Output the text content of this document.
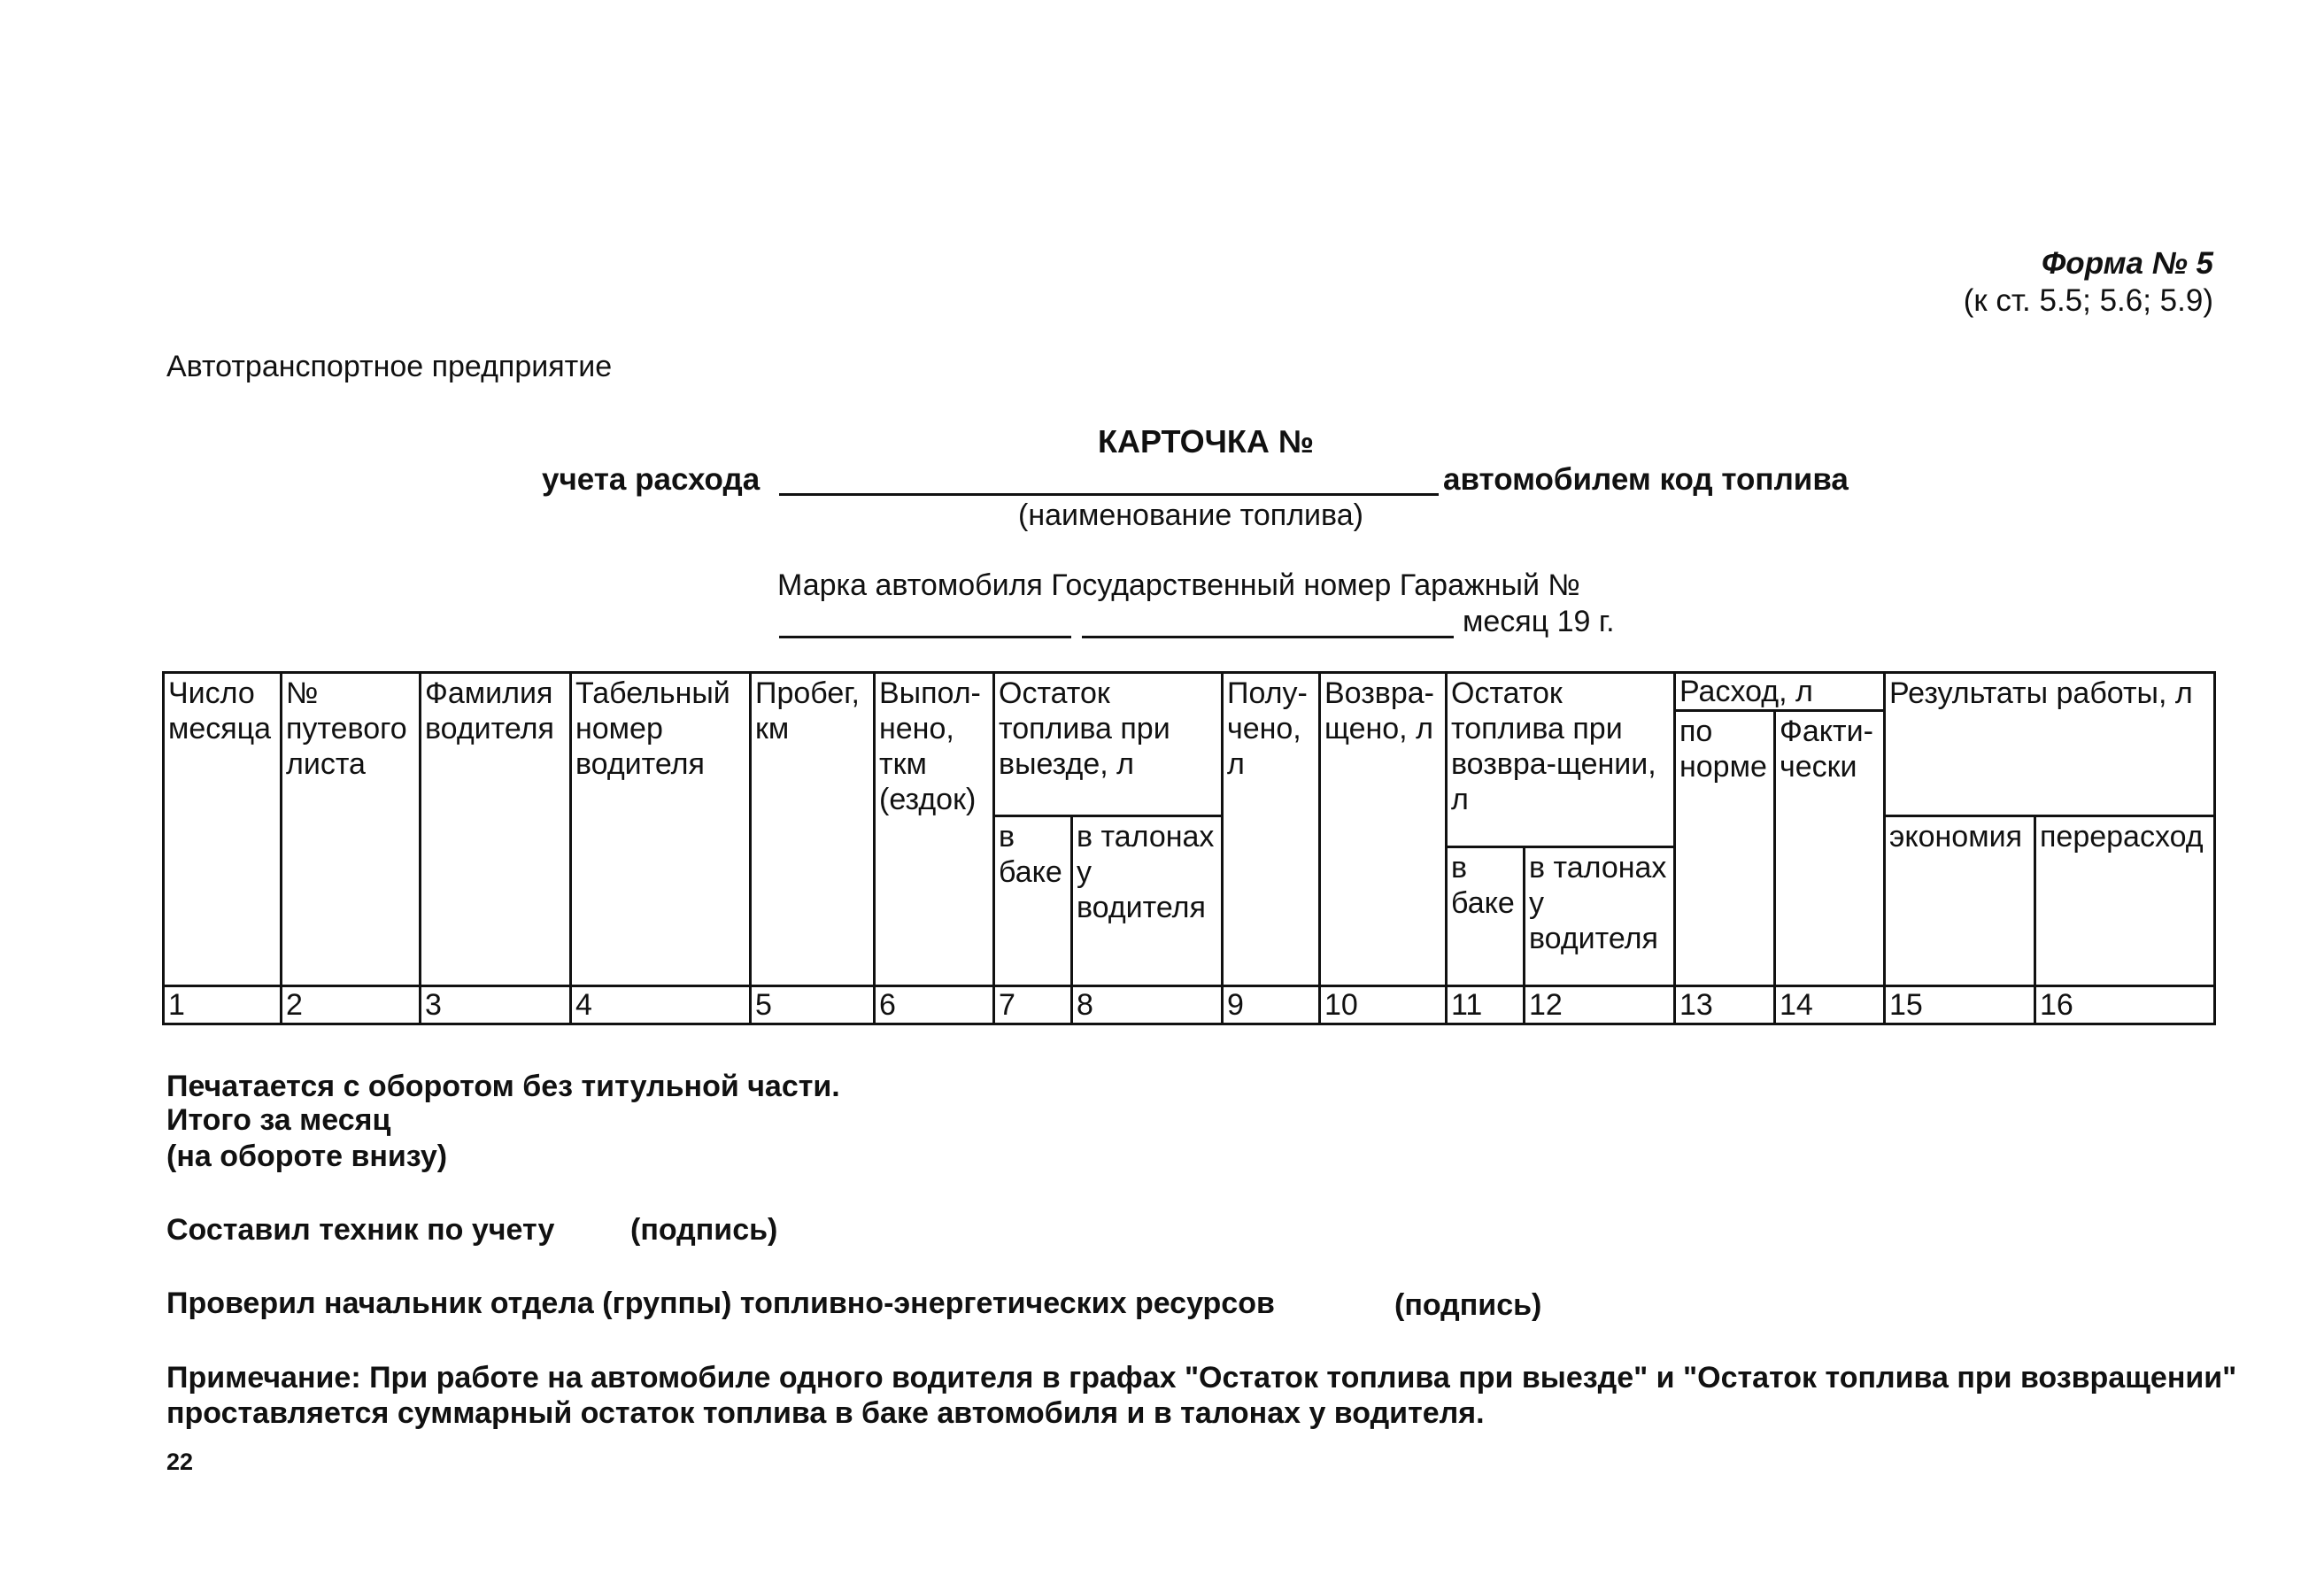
Форма № 5
(к ст. 5.5; 5.6; 5.9)
Автотранспортное предприятие
КАРТОЧКА №
учета расхода	автомобилем код топлива
(наименование топлива)
Марка автомобиля Государственный номер Гаражный №
месяц 19 г.
Число месяца	№ путевого листа	Фамилия водителя	Табельный номер водителя	Пробег, км	Выпол-нено, ткм (ездок)	Остаток топлива при выезде, л		Полу-чено, л	Возвра-щено, л	Остаток топлива при возвра-щении, л		Расход, л		Результаты работы, л	
												по норме	Факти-чески		
						в баке	в талонах у водителя							экономия	перерасход
										в баке	в талонах у водителя				
1	2	3	4	5	6	7	8	9	10	11	12	13	14	15	16
Печатается с оборотом без титульной части.
Итого за месяц
(на обороте внизу)
Составил техник по учету	(подпись)
Проверил начальник отдела (группы) топливно-энергетических ресурсов	(подпись)
Примечание: При работе на автомобиле одного водителя в графах "Остаток топлива при выезде" и "Остаток топлива при возвращении"
проставляется суммарный остаток топлива в баке автомобиля и в талонах у водителя.
22
